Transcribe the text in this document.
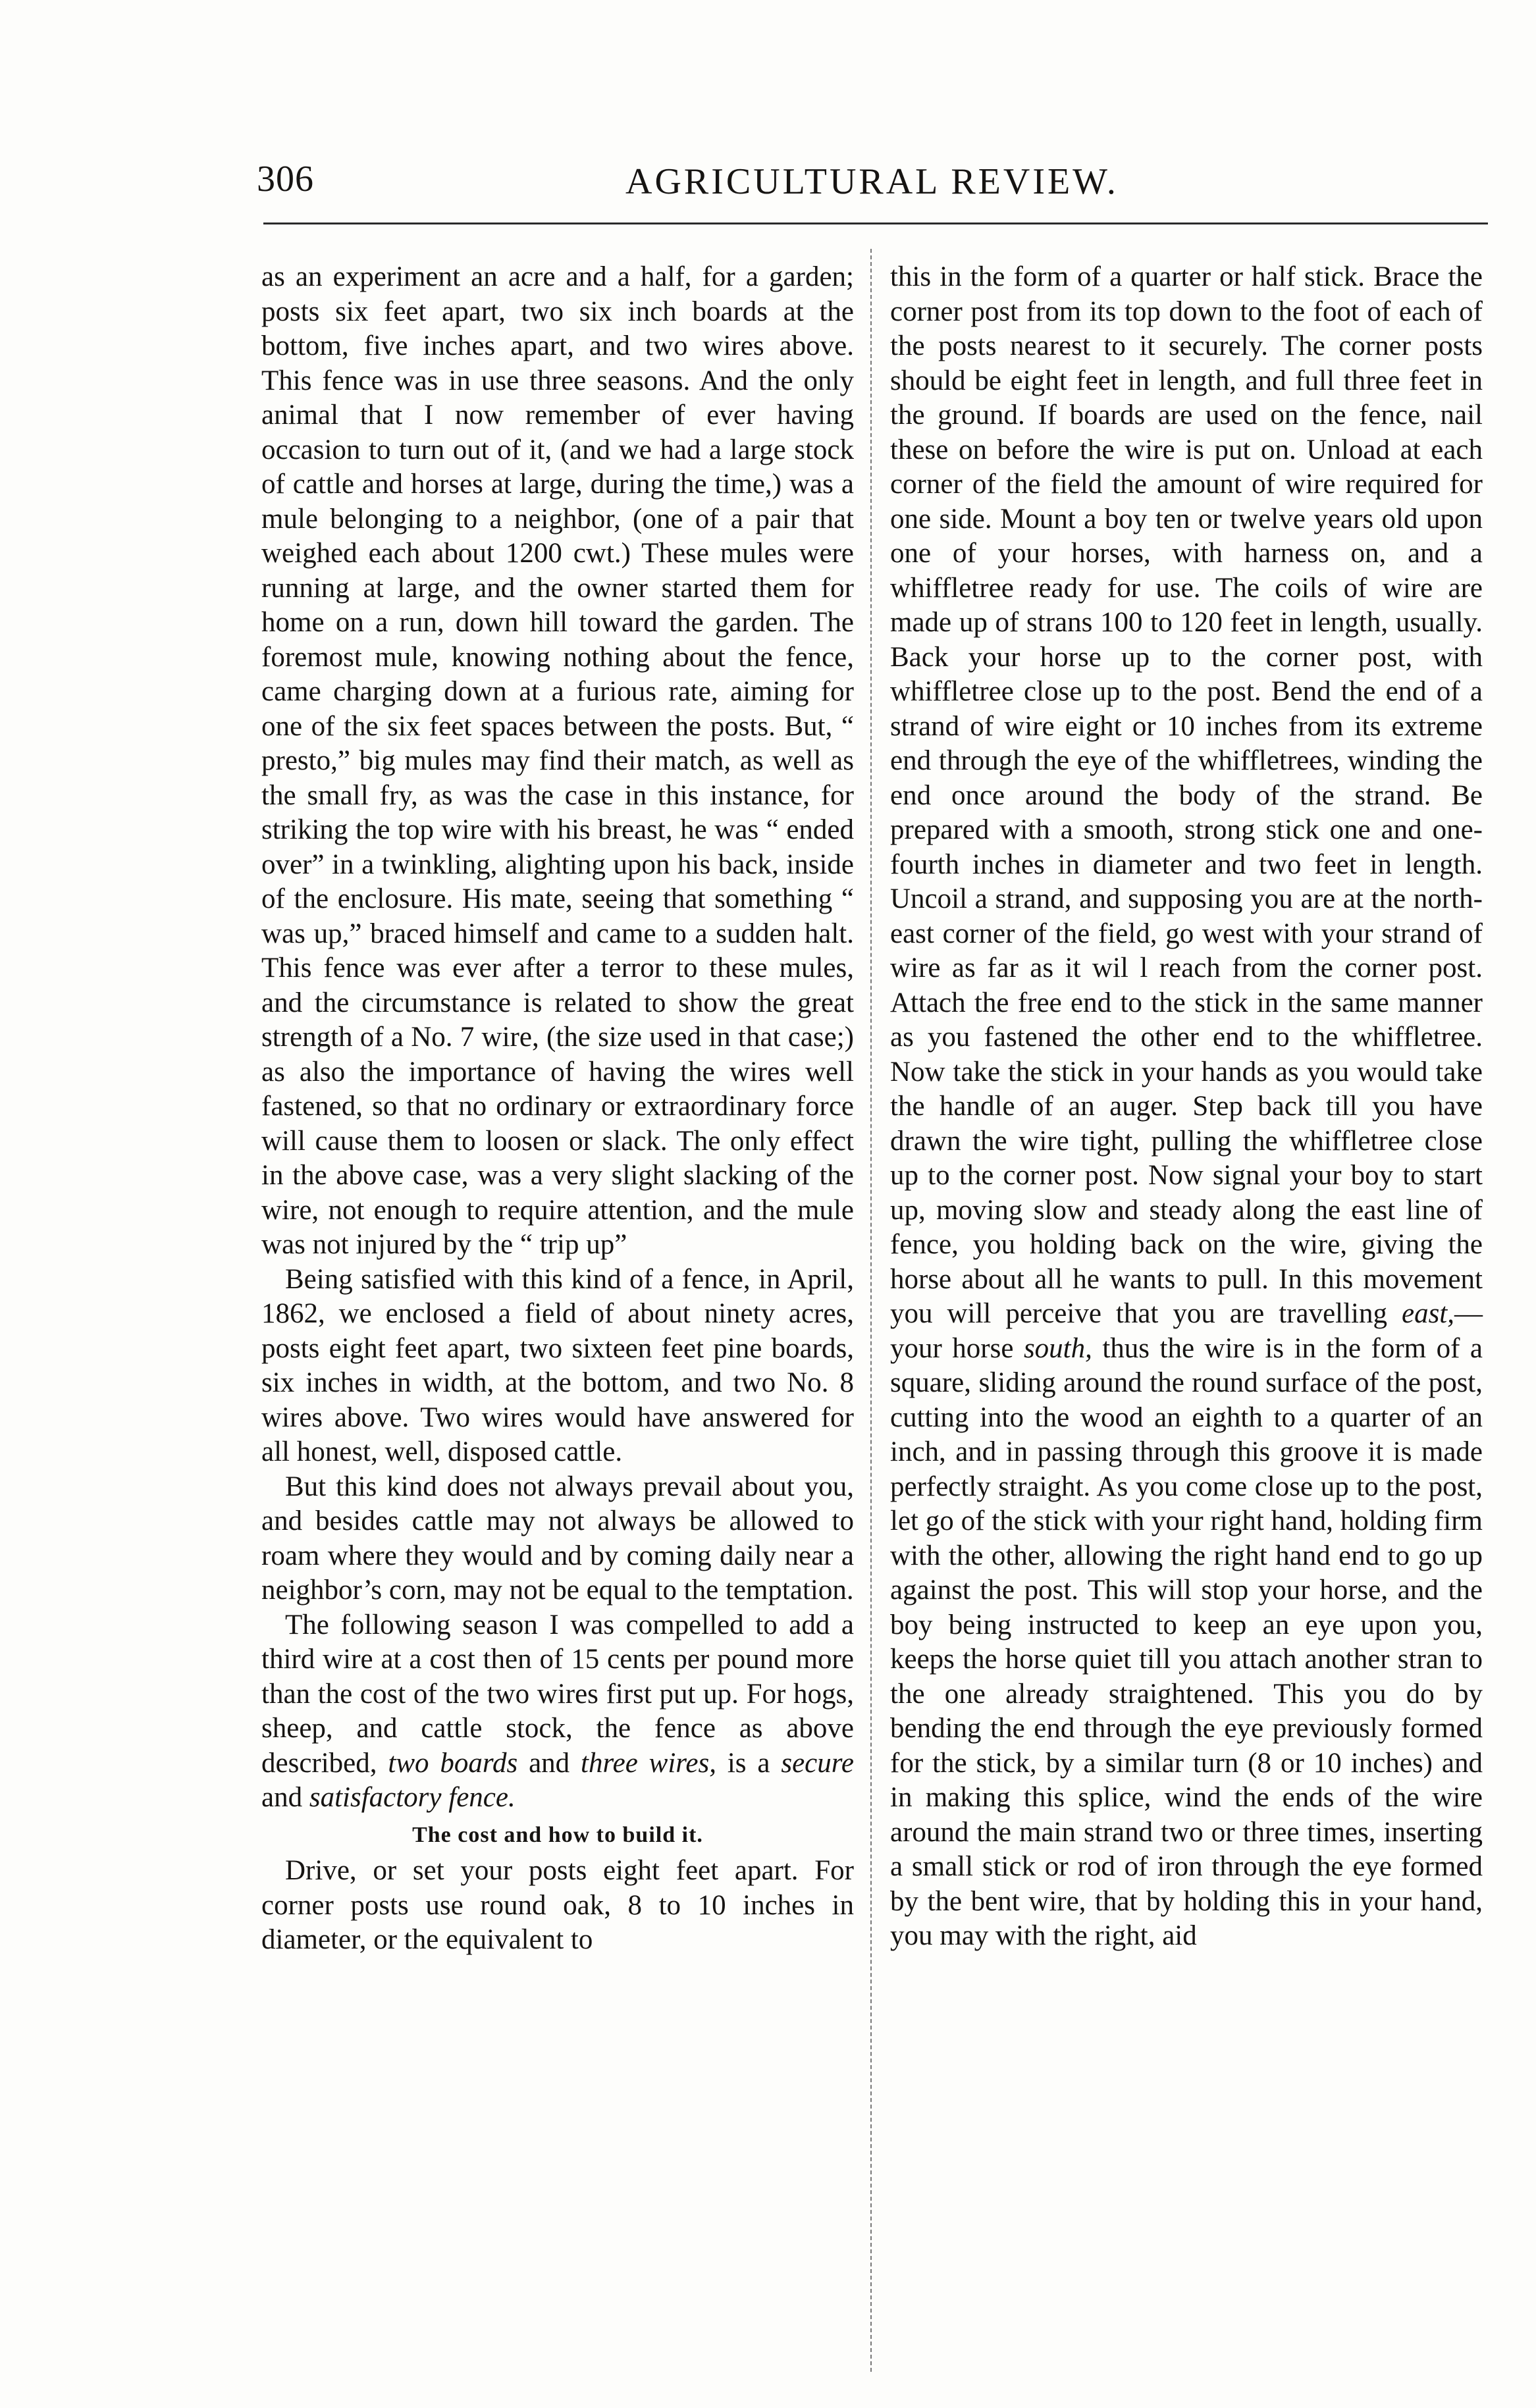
306	AGRICULTURAL REVIEW.

as an experiment an acre and a half, for a garden; posts six feet apart, two six inch boards at the bottom, five inches apart, and two wires above. This fence was in use three seasons. And the only animal that I now remember of ever having occasion to turn out of it, (and we had a large stock of cattle and horses at large, during the time,) was a mule belonging to a neighbor, (one of a pair that weighed each about 1200 cwt.) These mules were running at large, and the owner started them for home on a run, down hill toward the garden. The foremost mule, knowing nothing about the fence, came charging down at a furious rate, aiming for one of the six feet spaces between the posts. But, “ presto,” big mules may find their match, as well as the small fry, as was the case in this instance, for striking the top wire with his breast, he was “ ended over” in a twinkling, alighting upon his back, inside of the enclosure. His mate, seeing that something “ was up,” braced himself and came to a sudden halt. This fence was ever after a terror to these mules, and the circumstance is related to show the great strength of a No. 7 wire, (the size used in that case;) as also the importance of having the wires well fastened, so that no ordinary or extraordinary force will cause them to loosen or slack. The only effect in the above case, was a very slight slacking of the wire, not enough to require attention, and the mule was not injured by the “ trip up”

Being satisfied with this kind of a fence, in April, 1862, we enclosed a field of about ninety acres, posts eight feet apart, two sixteen feet pine boards, six inches in width, at the bottom, and two No. 8 wires above. Two wires would have answered for all honest, well, disposed cattle.

But this kind does not always prevail about you, and besides cattle may not always be allowed to roam where they would and by coming daily near a neighbor’s corn, may not be equal to the temptation.

The following season I was compelled to add a third wire at a cost then of 15 cents per pound more than the cost of the two wires first put up. For hogs, sheep, and cattle stock, the fence as above described, two boards and three wires, is a secure and satisfactory fence.

The cost and how to build it.

Drive, or set your posts eight feet apart. For corner posts use round oak, 8 to 10 inches in diameter, or the equivalent to

this in the form of a quarter or half stick. Brace the corner post from its top down to the foot of each of the posts nearest to it securely. The corner posts should be eight feet in length, and full three feet in the ground. If boards are used on the fence, nail these on before the wire is put on. Unload at each corner of the field the amount of wire required for one side. Mount a boy ten or twelve years old upon one of your horses, with harness on, and a whiffletree ready for use. The coils of wire are made up of strans 100 to 120 feet in length, usually. Back your horse up to the corner post, with whiffletree close up to the post. Bend the end of a strand of wire eight or 10 inches from its extreme end through the eye of the whiffletrees, winding the end once around the body of the strand. Be prepared with a smooth, strong stick one and one-fourth inches in diameter and two feet in length. Uncoil a strand, and supposing you are at the north-east corner of the field, go west with your strand of wire as far as it wil l reach from the corner post. Attach the free end to the stick in the same manner as you fastened the other end to the whiffletree. Now take the stick in your hands as you would take the handle of an auger. Step back till you have drawn the wire tight, pulling the whiffletree close up to the corner post. Now signal your boy to start up, moving slow and steady along the east line of fence, you holding back on the wire, giving the horse about all he wants to pull. In this movement you will perceive that you are travelling east,—your horse south, thus the wire is in the form of a square, sliding around the round surface of the post, cutting into the wood an eighth to a quarter of an inch, and in passing through this groove it is made perfectly straight. As you come close up to the post, let go of the stick with your right hand, holding firm with the other, allowing the right hand end to go up against the post. This will stop your horse, and the boy being instructed to keep an eye upon you, keeps the horse quiet till you attach another stran to the one already straightened. This you do by bending the end through the eye previously formed for the stick, by a similar turn (8 or 10 inches) and in making this splice, wind the ends of the wire around the main strand two or three times, inserting a small stick or rod of iron through the eye formed by the bent wire, that by holding this in your hand, you may with the right, aid
